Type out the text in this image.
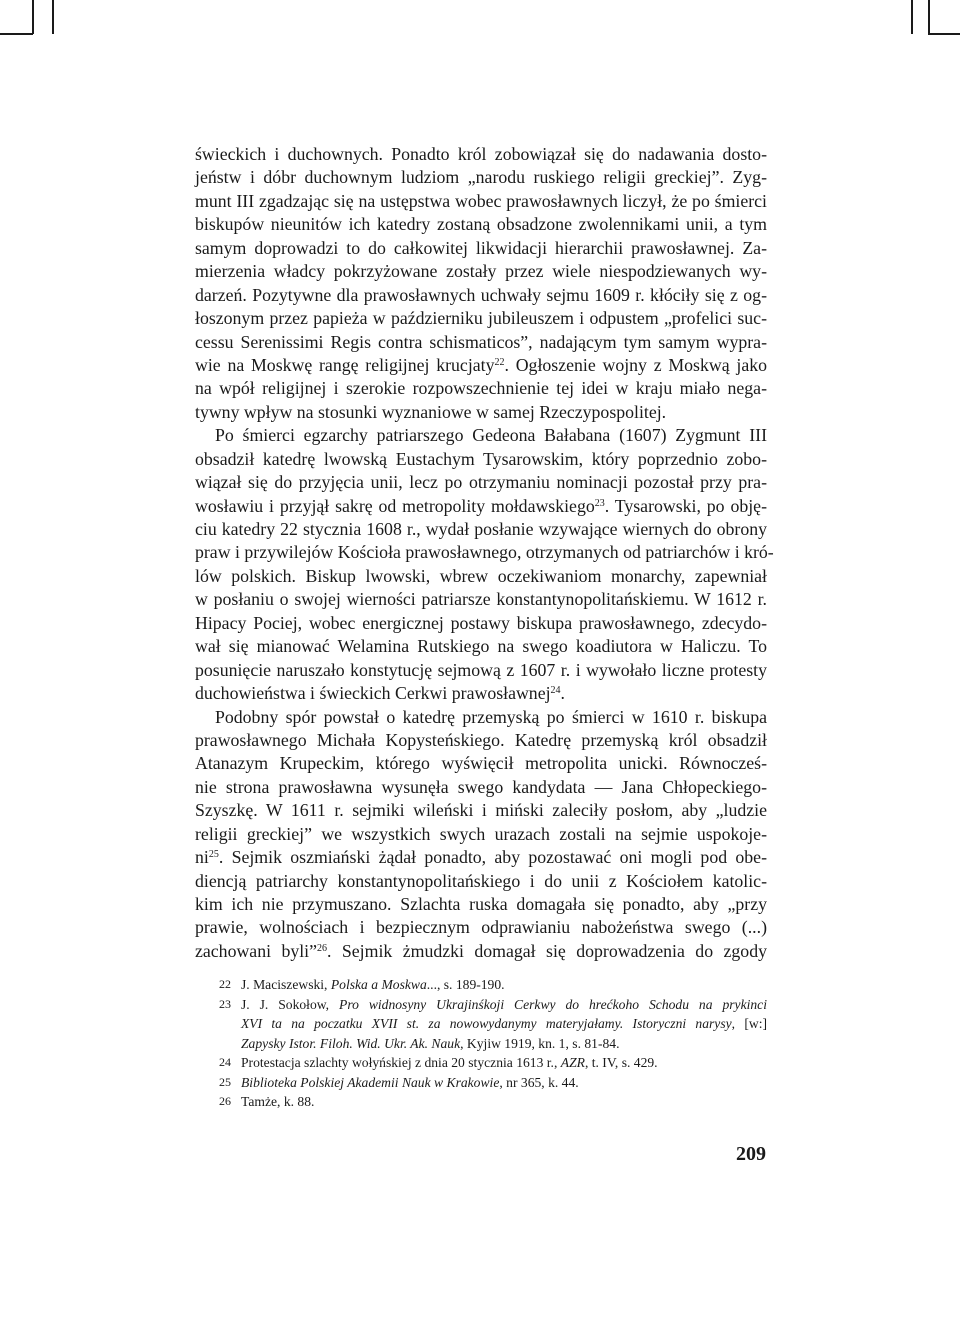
świeckich i duchownych. Ponadto król zobowiązał się do nadawania dosto-
jeństw i dóbr duchownym ludziom „narodu ruskiego religii greckiej”. Zyg-
munt III zgadzając się na ustępstwa wobec prawosławnych liczył, że po śmierci
biskupów nieunitów ich katedry zostaną obsadzone zwolennikami unii, a tym
samym doprowadzi to do całkowitej likwidacji hierarchii prawosławnej. Za-
mierzenia władcy pokrzyżowane zostały przez wiele niespodziewanych wy-
darzeń. Pozytywne dla prawosławnych uchwały sejmu 1609 r. kłóciły się z og-
łoszonym przez papieża w październiku jubileuszem i odpustem „profelici suc-
cessu Serenissimi Regis contra schismaticos”, nadającym tym samym wypra-
wie na Moskwę rangę religijnej krucjaty$^{22}$. Ogłoszenie wojny z Moskwą jako
na wpół religijnej i szerokie rozpowszechnienie tej idei w kraju miało nega-
tywny wpływ na stosunki wyznaniowe w samej Rzeczypospolitej.
Po śmierci egzarchy patriarszego Gedeona Bałabana (1607) Zygmunt III
obsadził katedrę lwowską Eustachym Tysarowskim, który poprzednio zobo-
wiązał się do przyjęcia unii, lecz po otrzymaniu nominacji pozostał przy pra-
wosławiu i przyjął sakrę od metropolity mołdawskiego$^{23}$. Tysarowski, po obję-
ciu katedry 22 stycznia 1608 r., wydał posłanie wzywające wiernych do obrony
praw i przywilejów Kościoła prawosławnego, otrzymanych od patriarchów i kró-
lów polskich. Biskup lwowski, wbrew oczekiwaniom monarchy, zapewniał
w posłaniu o swojej wierności patriarsze konstantynopolitańskiemu. W 1612 r.
Hipacy Pociej, wobec energicznej postawy biskupa prawosławnego, zdecydo-
wał się mianować Welamina Rutskiego na swego koadiutora w Haliczu. To
posunięcie naruszało konstytucję sejmową z 1607 r. i wywołało liczne protesty
duchowieństwa i świeckich Cerkwi prawosławnej$^{24}$.
Podobny spór powstał o katedrę przemyską po śmierci w 1610 r. biskupa
prawosławnego Michała Kopysteńskiego. Katedrę przemyską król obsadził
Atanazym Krupeckim, którego wyświęcił metropolita unicki. Równocześ-
nie strona prawosławna wysunęła swego kandydata — Jana Chłopeckiego-
Szyszkę. W 1611 r. sejmiki wileński i miński zaleciły posłom, aby „ludzie
religii greckiej” we wszystkich swych urazach zostali na sejmie uspokoje-
$ni^{25}$. Sejmik oszmiański żądał ponadto, aby pozostawać oni mogli pod obe-
diencją patriarchy konstantynopolitańskiego i do unii z Kościołem katolic-
kim ich nie przymuszano. Szlachta ruska domagała się ponadto, aby „przy
prawie, wolnościach i bezpiecznym odprawianiu nabożeństwa swego (...)
zachowani byli”$^{26}$. Sejmik żmudzki domagał się doprowadzenia do zgody
22 J. Maciszewski, Polska a Moskwa..., s. 189-190.
23 J. J. Sokołow, Pro widnosyny Ukrajinśkoji Cerkwy do hrećkoho Schodu na prykinci
XVI ta na poczatku XVII st. za nowowydanymy materyjałamy. Istoryczni narysy, [w:]
Zapysky Istor. Filoh. Wid. Ukr. Ak. Nauk, Kyjiw 1919, kn. 1, s. 81-84.
24 Protestacja szlachty wołyńskiej z dnia 20 stycznia 1613 r., AZR, t. IV, s. 429.
25 Biblioteka Polskiej Akademii Nauk w Krakowie, nr 365, k. 44.
26 Tamże, k. 88.
209
